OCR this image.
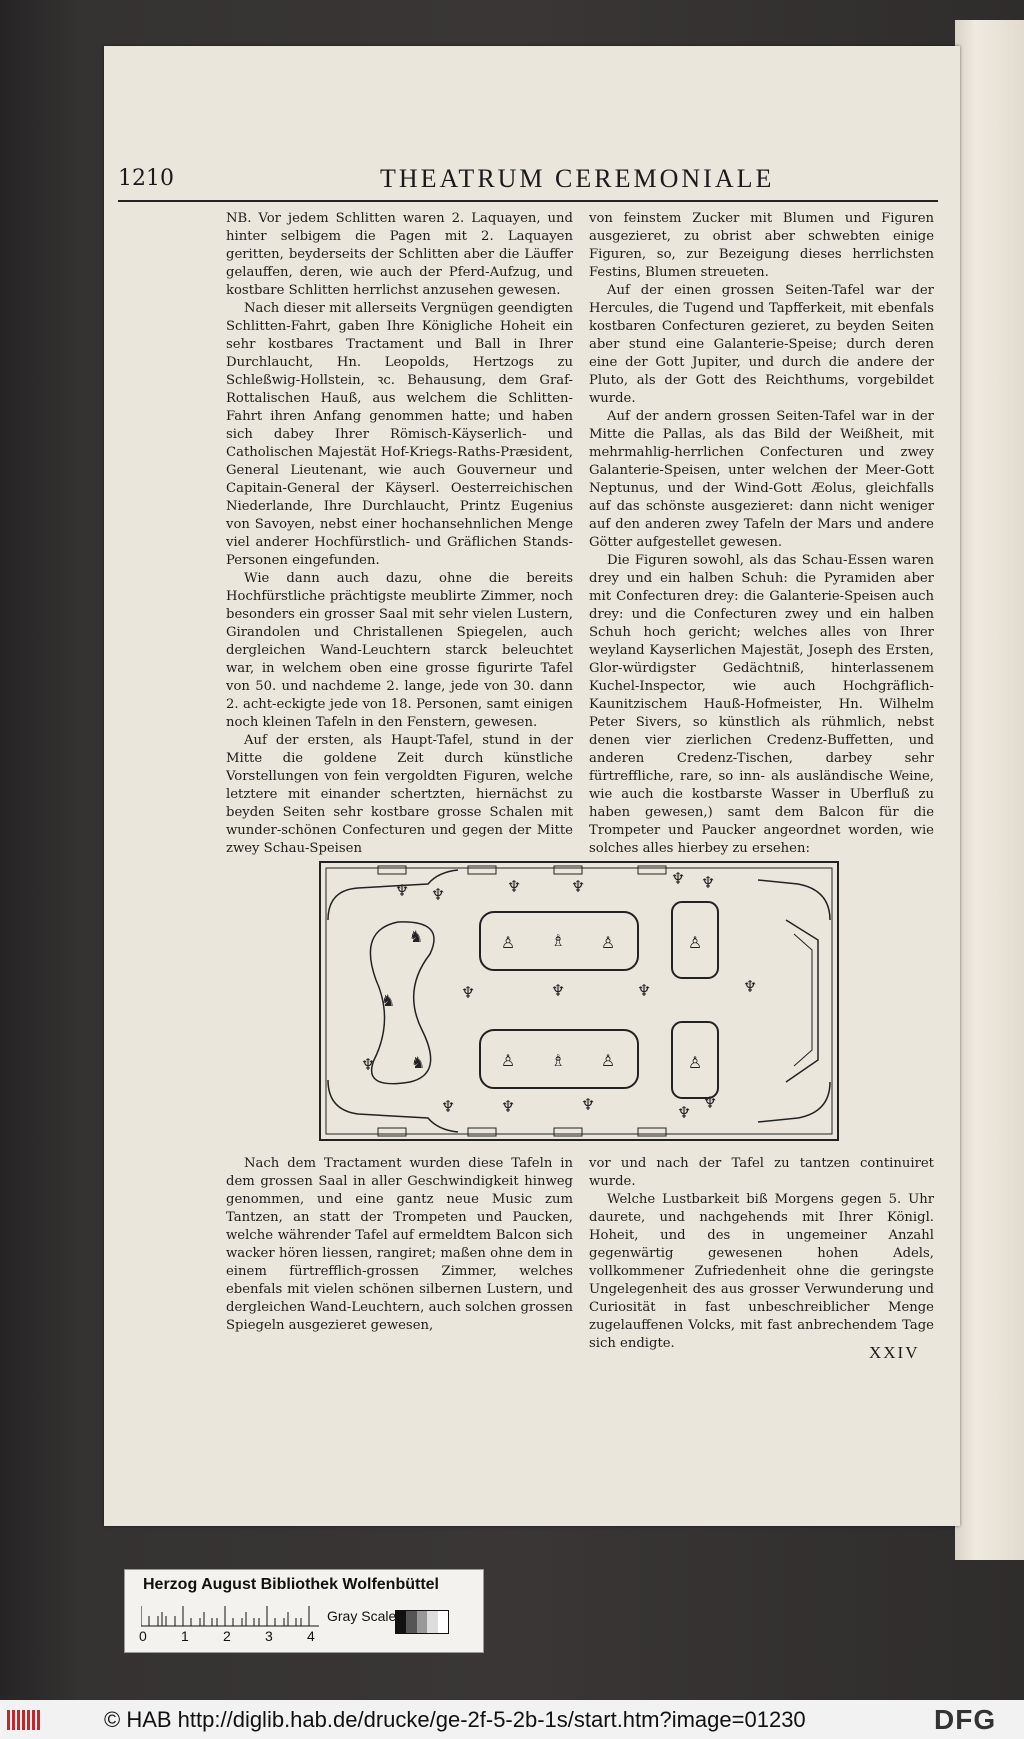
1210	THEATRUM CEREMONIALE

NB. Vor jedem Schlitten waren 2. Laquayen, und hinter selbigem die Pagen mit 2. Laquayen geritten, beyderseits der Schlitten aber die Läuffer gelauffen, deren, wie auch der Pferd-Aufzug, und kostbare Schlitten herrlichst anzusehen gewesen.

Nach dieser mit allerseits Vergnügen geendigten Schlitten-Fahrt, gaben Ihre Königliche Hoheit ein sehr kostbares Tractament und Ball in Ihrer Durchlaucht, Hn. Leopolds, Hertzogs zu Schleßwig-Hollstein, ꝛc. Behausung, dem Graf-Rottalischen Hauß, aus welchem die Schlitten-Fahrt ihren Anfang genommen hatte; und haben sich dabey Ihrer Römisch-Käyserlich- und Catholischen Majestät Hof-Kriegs-Raths-Præsident, General Lieutenant, wie auch Gouverneur und Capitain-General der Käyserl. Oesterreichischen Niederlande, Ihre Durchlaucht, Printz Eugenius von Savoyen, nebst einer hochansehnlichen Menge viel anderer Hochfürstlich- und Gräflichen Stands-Personen eingefunden.

Wie dann auch dazu, ohne die bereits Hochfürstliche prächtigste meublirte Zimmer, noch besonders ein grosser Saal mit sehr vielen Lustern, Girandolen und Christallenen Spiegelen, auch dergleichen Wand-Leuchtern starck beleuchtet war, in welchem oben eine grosse figurirte Tafel von 50. und nachdeme 2. lange, jede von 30. dann 2. acht-eckigte jede von 18. Personen, samt einigen noch kleinen Tafeln in den Fenstern, gewesen.

Auf der ersten, als Haupt-Tafel, stund in der Mitte die goldene Zeit durch künstliche Vorstellungen von fein vergoldten Figuren, welche letztere mit einander schertzten, hiernächst zu beyden Seiten sehr kostbare grosse Schalen mit wunder-schönen Confecturen und gegen der Mitte zwey Schau-Speisen

von feinstem Zucker mit Blumen und Figuren ausgezieret, zu obrist aber schwebten einige Figuren, so, zur Bezeigung dieses herrlichsten Festins, Blumen streueten.

Auf der einen grossen Seiten-Tafel war der Hercules, die Tugend und Tapfferkeit, mit ebenfals kostbaren Confecturen gezieret, zu beyden Seiten aber stund eine Galanterie-Speise; durch deren eine der Gott Jupiter, und durch die andere der Pluto, als der Gott des Reichthums, vorgebildet wurde.

Auf der andern grossen Seiten-Tafel war in der Mitte die Pallas, als das Bild der Weißheit, mit mehrmahlig-herrlichen Confecturen und zwey Galanterie-Speisen, unter welchen der Meer-Gott Neptunus, und der Wind-Gott Æolus, gleichfalls auf das schönste ausgezieret: dann nicht weniger auf den anderen zwey Tafeln der Mars und andere Götter aufgestellet gewesen.

Die Figuren sowohl, als das Schau-Essen waren drey und ein halben Schuh: die Pyramiden aber mit Confecturen drey: die Galanterie-Speisen auch drey: und die Confecturen zwey und ein halben Schuh hoch gericht; welches alles von Ihrer weyland Kayserlichen Majestät, Joseph des Ersten, Glor-würdigster Gedächtniß, hinterlassenem Kuchel-Inspector, wie auch Hochgräflich-Kaunitzischem Hauß-Hofmeister, Hn. Wilhelm Peter Sivers, so künstlich als rühmlich, nebst denen vier zierlichen Credenz-Buffetten, und anderen Credenz-Tischen, darbey sehr fürtreffliche, rare, so inn- als ausländische Weine, wie auch die kostbarste Wasser in Uberfluß zu haben gewesen,) samt dem Balcon für die Trompeter und Paucker angeordnet worden, wie solches alles hierbey zu ersehen:

♆ ♆	♆	♆	♆ ♆
♆	♆	♆	♆
♆
♆	♆	♆	♆
♆
♙ ♗ ♙
♙ ♗ ♙
♙
♙
♞
♞
♞

Nach dem Tractament wurden diese Tafeln in dem grossen Saal in aller Geschwindigkeit hinweg genommen, und eine gantz neue Music zum Tantzen, an statt der Trompeten und Paucken, welche währender Tafel auf ermeldtem Balcon sich wacker hören liessen, rangiret; maßen ohne dem in einem fürtrefflich-grossen Zimmer, welches ebenfals mit vielen schönen silbernen Lustern, und dergleichen Wand-Leuchtern, auch solchen grossen Spiegeln ausgezieret gewesen,

vor und nach der Tafel zu tantzen continuiret wurde.

Welche Lustbarkeit biß Morgens gegen 5. Uhr daurete, und nachgehends mit Ihrer Königl. Hoheit, und des in ungemeiner Anzahl gegenwärtig gewesenen hohen Adels, vollkommener Zufriedenheit ohne die geringste Ungelegenheit des aus grosser Verwunderung und Curiosität in fast unbeschreiblicher Menge zugelauffenen Volcks, mit fast anbrechendem Tage sich endigte.	XXIV
Herzog August Bibliothek Wolfenbüttel
0 1 2 3 4
Gray Scale
© HAB http://diglib.hab.de/drucke/ge-2f-5-2b-1s/start.htm?image=01230	DFG
